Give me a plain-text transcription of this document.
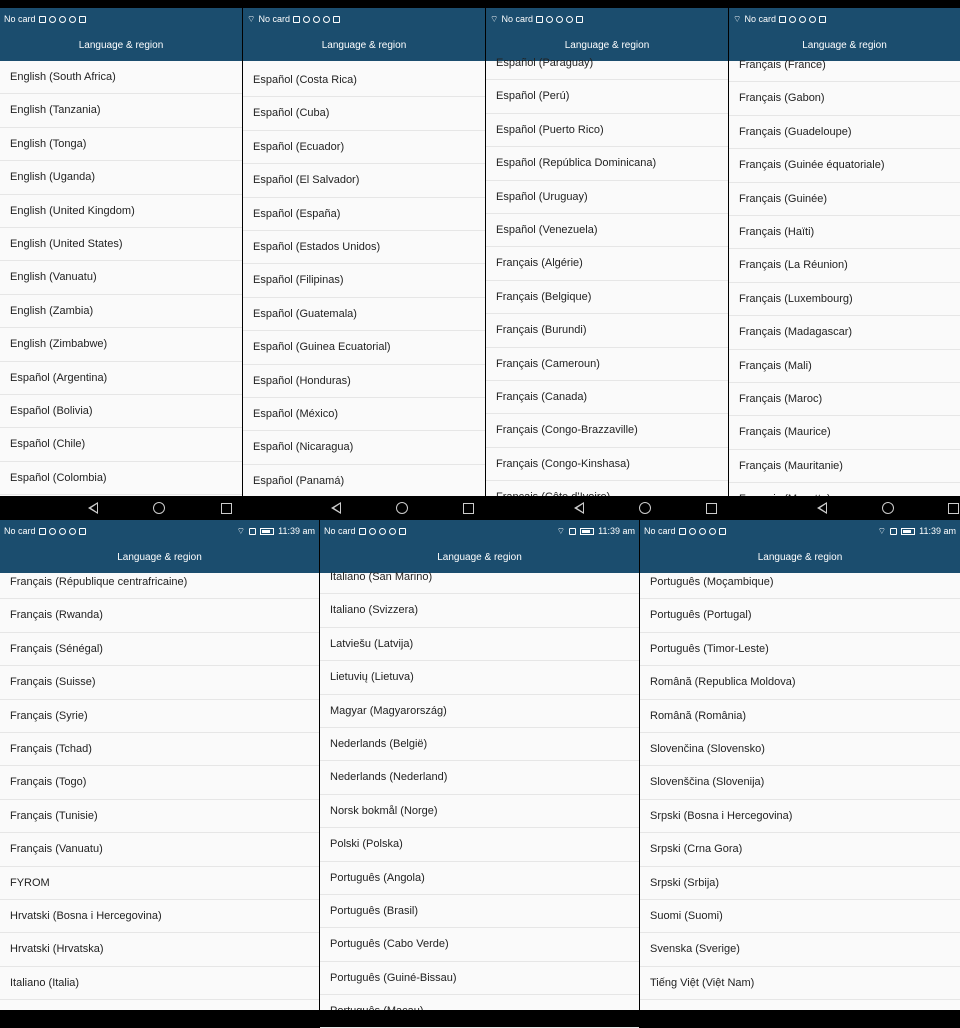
No card
Language & region
English (South Africa)
English (Tanzania)
English (Tonga)
English (Uganda)
English (United Kingdom)
English (United States)
English (Vanuatu)
English (Zambia)
English (Zimbabwe)
Español (Argentina)
Español (Bolivia)
Español (Chile)
Español (Colombia)
⌔ No card
Language & region
Español (Costa Rica)
Español (Cuba)
Español (Ecuador)
Español (El Salvador)
Español (España)
Español (Estados Unidos)
Español (Filipinas)
Español (Guatemala)
Español (Guinea Ecuatorial)
Español (Honduras)
Español (México)
Español (Nicaragua)
Español (Panamá)
⌔ No card
Language & region
Español (Paraguay)
Español (Perú)
Español (Puerto Rico)
Español (República Dominicana)
Español (Uruguay)
Español (Venezuela)
Français (Algérie)
Français (Belgique)
Français (Burundi)
Français (Cameroun)
Français (Canada)
Français (Congo-Brazzaville)
Français (Congo-Kinshasa)
⌔ No card
Language & region
Français (France)
Français (Gabon)
Français (Guadeloupe)
Français (Guinée équatoriale)
Français (Guinée)
Français (Haïti)
Français (La Réunion)
Français (Luxembourg)
Français (Madagascar)
Français (Mali)
Français (Maroc)
Français (Maurice)
Français (Mauritanie)
No card	⌔	11:39 am
Language & region
Français (République centrafricaine)
Français (Rwanda)
Français (Sénégal)
Français (Suisse)
Français (Syrie)
Français (Tchad)
Français (Togo)
Français (Tunisie)
Français (Vanuatu)
FYROM
Hrvatski (Bosna i Hercegovina)
Hrvatski (Hrvatska)
Italiano (Italia)
No card	⌔	11:39 am
Language & region
Italiano (San Marino)
Italiano (Svizzera)
Latviešu (Latvija)
Lietuvių (Lietuva)
Magyar (Magyarország)
Nederlands (België)
Nederlands (Nederland)
Norsk bokmål (Norge)
Polski (Polska)
Português (Angola)
Português (Brasil)
Português (Cabo Verde)
Português (Guiné-Bissau)
No card	⌔	11:39 am
Language & region
Português (Moçambique)
Português (Portugal)
Português (Timor-Leste)
Română (Republica Moldova)
Română (România)
Slovenčina (Slovensko)
Slovenščina (Slovenija)
Srpski (Bosna i Hercegovina)
Srpski (Crna Gora)
Srpski (Srbija)
Suomi (Suomi)
Svenska (Sverige)
Tiếng Việt (Việt Nam)
